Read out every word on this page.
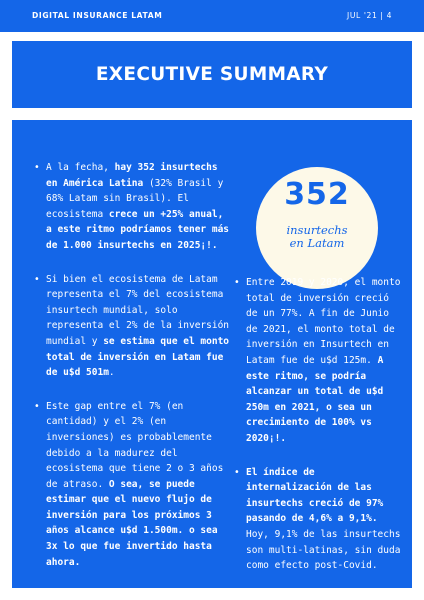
DIGITAL INSURANCE LATAM	JUL '21 | 4
EXECUTIVE SUMMARY
• A la fecha, hay 352 insurtechs en América Latina (32% Brasil y 68% Latam sin Brasil). El ecosistema crece un +25% anual, a este ritmo podríamos tener más de 1.000 insurtechs en 2025¡!.
• Si bien el ecosistema de Latam representa el 7% del ecosistema insurtech mundial, solo representa el 2% de la inversión mundial y se estima que el monto total de inversión en Latam fue de u$d 501m.
• Este gap entre el 7% (en cantidad) y el 2% (en inversiones) es probablemente debido a la madurez del ecosistema que tiene 2 o 3 años de atraso. O sea, se puede estimar que el nuevo flujo de inversión para los próximos 3 años alcance u$d 1.500m. o sea 3x lo que fue invertido hasta ahora.
352
insurtechs
en Latam
• Entre 2019 y 2020, el monto total de inversión creció de un 77%. A fin de Junio de 2021, el monto total de inversión en Insurtech en Latam fue de u$d 125m. A este ritmo, se podría alcanzar un total de u$d 250m en 2021, o sea un crecimiento de 100% vs 2020¡!.
• El índice de internalización de las insurtechs creció de 97% pasando de 4,6% a 9,1%. Hoy, 9,1% de las insurtechs son multi-latinas, sin duda como efecto post-Covid.
